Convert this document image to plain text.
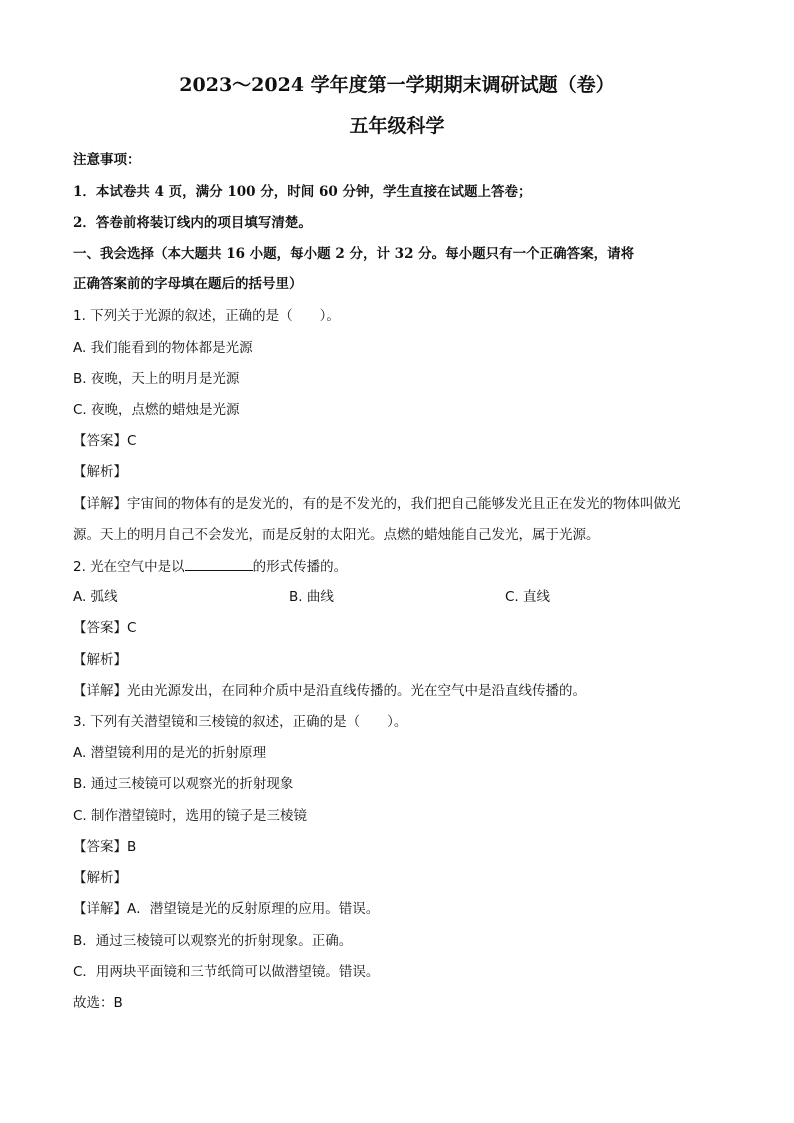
2023～2024 学年度第一学期期末调研试题（卷）
五年级科学
注意事项：
1．本试卷共 4 页，满分 100 分，时间 60 分钟，学生直接在试题上答卷；
2．答卷前将装订线内的项目填写清楚。
一、我会选择（本大题共 16 小题，每小题 2 分，计 32 分。每小题只有一个正确答案，请将
正确答案前的字母填在题后的括号里）
1. 下列关于光源的叙述，正确的是（　　）。
A. 我们能看到的物体都是光源
B. 夜晚，天上的明月是光源
C. 夜晚，点燃的蜡烛是光源
【答案】C
【解析】
【详解】宇宙间的物体有的是发光的，有的是不发光的，我们把自己能够发光且正在发光的物体叫做光
源。天上的明月自己不会发光，而是反射的太阳光。点燃的蜡烛能自己发光，属于光源。
2. 光在空气中是以	的形式传播的。
A. 弧线	B. 曲线	C. 直线
【答案】C
【解析】
【详解】光由光源发出，在同种介质中是沿直线传播的。光在空气中是沿直线传播的。
3. 下列有关潜望镜和三棱镜的叙述，正确的是（　　）。
A. 潜望镜利用的是光的折射原理
B. 通过三棱镜可以观察光的折射现象
C. 制作潜望镜时，选用的镜子是三棱镜
【答案】B
【解析】
【详解】A．潜望镜是光的反射原理的应用。错误。
B．通过三棱镜可以观察光的折射现象。正确。
C．用两块平面镜和三节纸筒可以做潜望镜。错误。
故选：B
